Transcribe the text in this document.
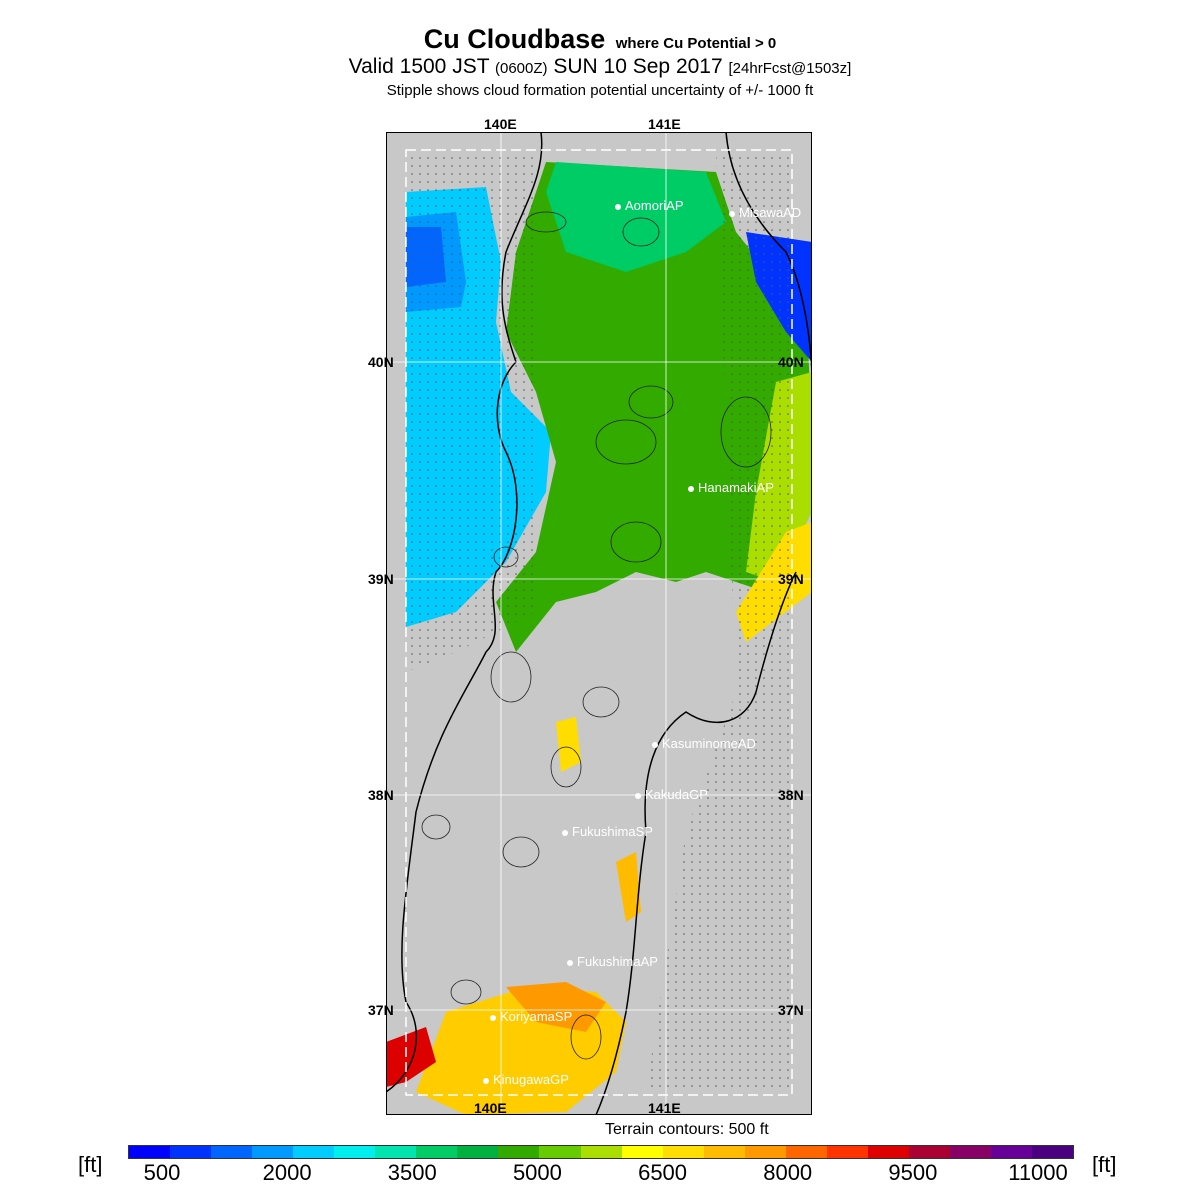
Cu Cloudbase where Cu Potential > 0
Valid 1500 JST (0600Z) SUN 10 Sep 2017 [24hrFcst@1503z]
Stipple shows cloud formation potential uncertainty of +/- 1000 ft
140E	141E
140E	141E
40N
39N
38N
37N
40N
39N
38N
37N
AomoriAP	MisawaAD
HanamakiAP
KasuminomeAD
KakudaGP
FukushimaSP
FukushimaAP
KoriyamaSP
KinugawaGP
Terrain contours: 500 ft
[ft]	[ft]
500	2000	3500	5000	6500	8000	9500	11000
